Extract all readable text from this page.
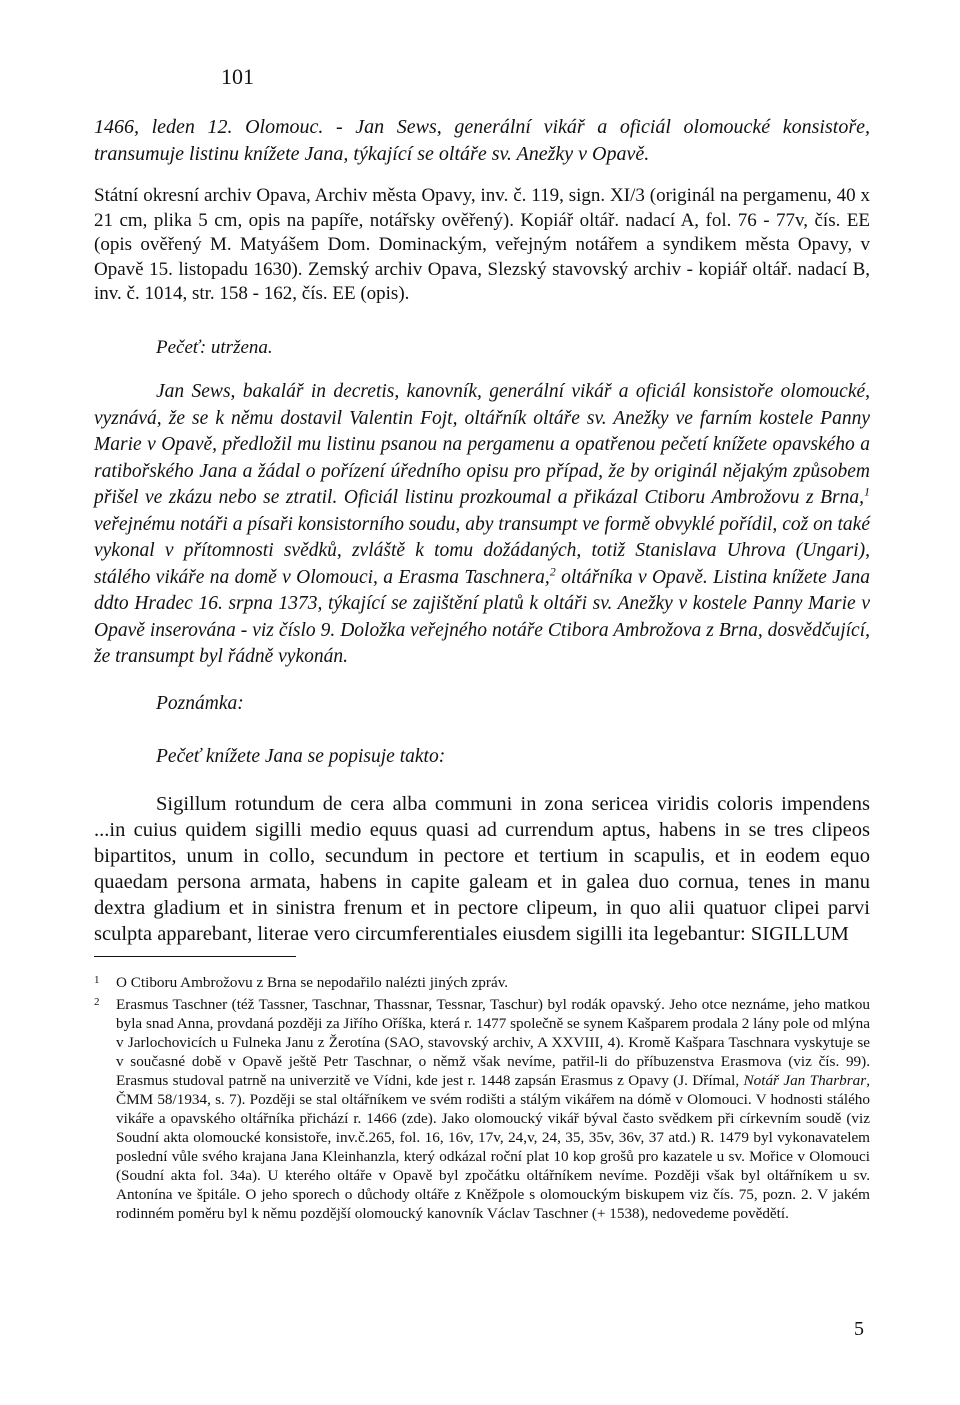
101

1466, leden 12. Olomouc. - Jan Sews, generální vikář a oficiál olomoucké konsistoře, transumuje listinu knížete Jana, týkající se oltáře sv. Anežky v Opavě.

Státní okresní archiv Opava, Archiv města Opavy, inv. č. 119, sign. XI/3 (originál na pergamenu, 40 x 21 cm, plika 5 cm, opis na papíře, notářsky ověřený). Kopiář oltář. nadací A, fol. 76 - 77v, čís. EE (opis ověřený M. Matyášem Dom. Dominackým, veřejným notářem a syndikem města Opavy, v Opavě 15. listopadu 1630). Zemský archiv Opava, Slezský stavovský archiv - kopiář oltář. nadací B, inv. č. 1014, str. 158 - 162, čís. EE (opis).

Pečeť: utržena.

Jan Sews, bakalář in decretis, kanovník, generální vikář a oficiál konsistoře olomoucké, vyznává, že se k němu dostavil Valentin Fojt, oltářník oltáře sv. Anežky ve farním kostele Panny Marie v Opavě, předložil mu listinu psanou na pergamenu a opatřenou pečetí knížete opavského a ratibořského Jana a žádal o pořízení úředního opisu pro případ, že by originál nějakým způsobem přišel ve zkázu nebo se ztratil. Oficiál listinu prozkoumal a přikázal Ctiboru Ambrožovu z Brna,$^1$ veřejnému notáři a písaři konsistorního soudu, aby transumpt ve formě obvyklé pořídil, což on také vykonal v přítomnosti svědků, zvláště k tomu dožádaných, totiž Stanislava Uhrova (Ungari), stálého vikáře na domě v Olomouci, a Erasma Taschnera,$^2$ oltářníka v Opavě. Listina knížete Jana ddto Hradec 16. srpna 1373, týkající se zajištění platů k oltáři sv. Anežky v kostele Panny Marie v Opavě inserována - viz číslo 9. Doložka veřejného notáře Ctibora Ambrožova z Brna, dosvědčující, že transumpt byl řádně vykonán.

Poznámka:

Pečeť knížete Jana se popisuje takto:

Sigillum rotundum de cera alba communi in zona sericea viridis coloris impendens ...in cuius quidem sigilli medio equus quasi ad currendum aptus, habens in se tres clipeos bipartitos, unum in collo, secundum in pectore et tertium in scapulis, et in eodem equo quaedam persona armata, habens in capite galeam et in galea duo cornua, tenes in manu dextra gladium et in sinistra frenum et in pectore clipeum, in quo alii quatuor clipei parvi sculpta apparebant, literae vero circumferentiales eiusdem sigilli ita legebantur: SIGILLUM

1	O Ctiboru Ambrožovu z Brna se nepodařilo nalézti jiných zpráv.
2	Erasmus Taschner (též Tassner, Taschnar, Thassnar, Tessnar, Taschur) byl rodák opavský. Jeho otce neznáme, jeho matkou byla snad Anna, provdaná později za Jiřího Oříška, která r. 1477 společně se synem Kašparem prodala 2 lány pole od mlýna v Jarlochovicích u Fulneka Janu z Žerotína (SAO, stavovský archiv, A XXVIII, 4). Kromě Kašpara Taschnara vyskytuje se v současné době v Opavě ještě Petr Taschnar, o němž však nevíme, patřil-li do příbuzenstva Erasmova (viz čís. 99). Erasmus studoval patrně na univerzitě ve Vídni, kde jest r. 1448 zapsán Erasmus z Opavy (J. Dřímal, Notář Jan Tharbrar, ČMM 58/1934, s. 7). Později se stal oltářníkem ve svém rodišti a stálým vikářem na dómě v Olomouci. V hodnosti stálého vikáře a opavského oltářníka přichází r. 1466 (zde). Jako olomoucký vikář býval často svědkem při církevním soudě (viz Soudní akta olomoucké konsistoře, inv.č.265, fol. 16, 16v, 17v, 24,v, 24, 35, 35v, 36v, 37 atd.) R. 1479 byl vykonavatelem poslední vůle svého krajana Jana Kleinhanzla, který odkázal roční plat 10 kop grošů pro kazatele u sv. Mořice v Olomouci (Soudní akta fol. 34a). U kterého oltáře v Opavě byl zpočátku oltářníkem nevíme. Později však byl oltářníkem u sv. Antonína ve špitále. O jeho sporech o důchody oltáře z Kněžpole s olomouckým biskupem viz čís. 75, pozn. 2. V jakém rodinném poměru byl k němu pozdější olomoucký kanovník Václav Taschner (+ 1538), nedovedeme povědětí.
5
